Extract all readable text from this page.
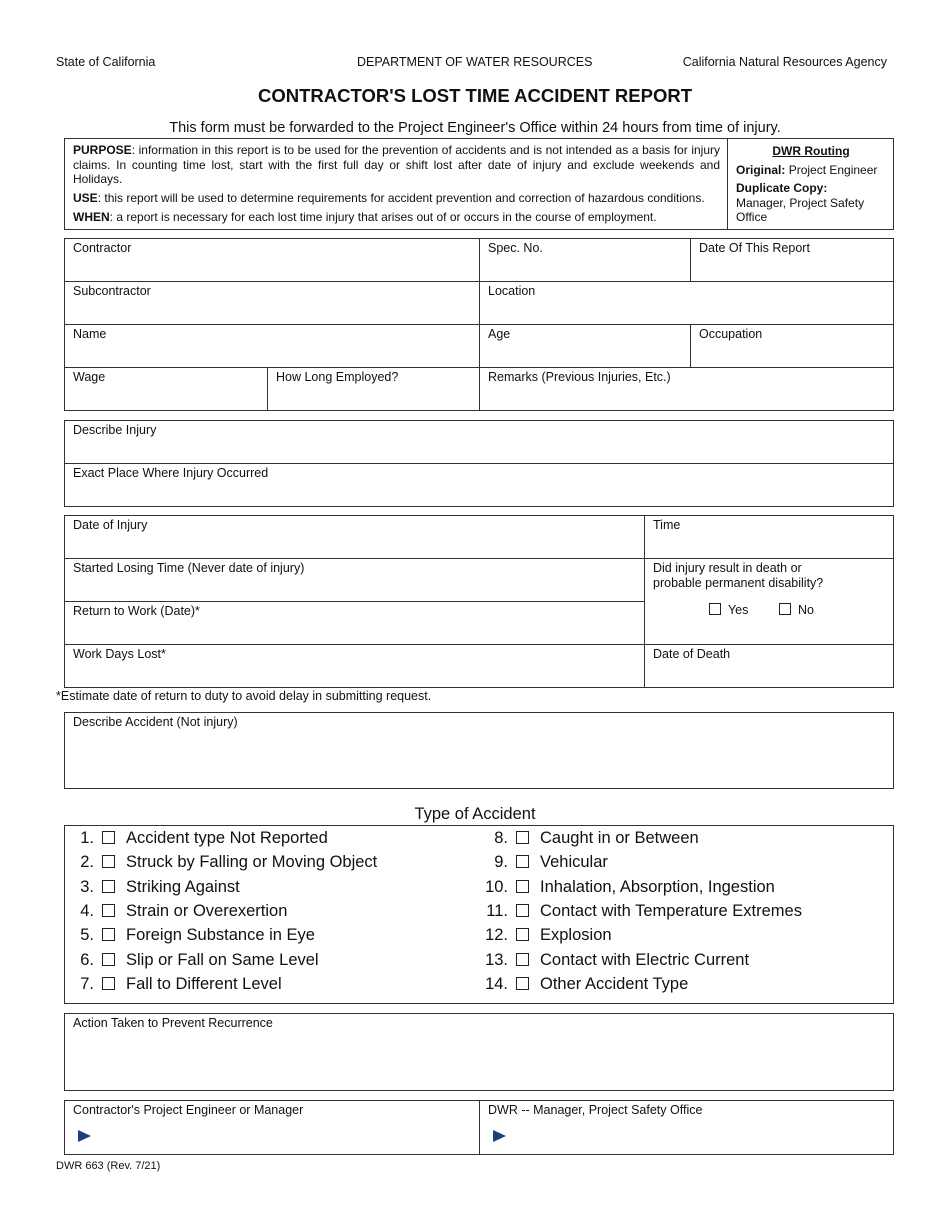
State of California	DEPARTMENT OF WATER RESOURCES	California Natural Resources Agency
CONTRACTOR'S LOST TIME ACCIDENT REPORT
This form must be forwarded to the Project Engineer's Office within 24 hours from time of injury.
PURPOSE: information in this report is to be used for the prevention of accidents and is not intended as a basis for injury claims. In counting time lost, start with the first full day or shift lost after date of injury and exclude weekends and Holidays.
USE: this report will be used to determine requirements for accident prevention and correction of hazardous conditions.
WHEN: a report is necessary for each lost time injury that arises out of or occurs in the course of employment.
DWR Routing
Original: Project Engineer
Duplicate Copy:
Manager, Project Safety Office
Contractor	Spec. No.	Date Of This Report
Subcontractor	Location
Name	Age	Occupation
Wage	How Long Employed?	Remarks (Previous Injuries, Etc.)
Describe Injury
Exact Place Where Injury Occurred
Date of Injury	Time
Started Losing Time (Never date of injury)	Did injury result in death or probable permanent disability?
Yes	No
Return to Work (Date)*
Work Days Lost*	Date of Death
*Estimate date of return to duty to avoid delay in submitting request.
Describe Accident (Not injury)
Type of Accident
1. Accident type Not Reported
2. Struck by Falling or Moving Object
3. Striking Against
4. Strain or Overexertion
5. Foreign Substance in Eye
6. Slip or Fall on Same Level
7. Fall to Different Level
8. Caught in or Between
9. Vehicular
10. Inhalation, Absorption, Ingestion
11. Contact with Temperature Extremes
12. Explosion
13. Contact with Electric Current
14. Other Accident Type
Action Taken to Prevent Recurrence
Contractor's Project Engineer or Manager	DWR -- Manager, Project Safety Office
DWR 663 (Rev. 7/21)
